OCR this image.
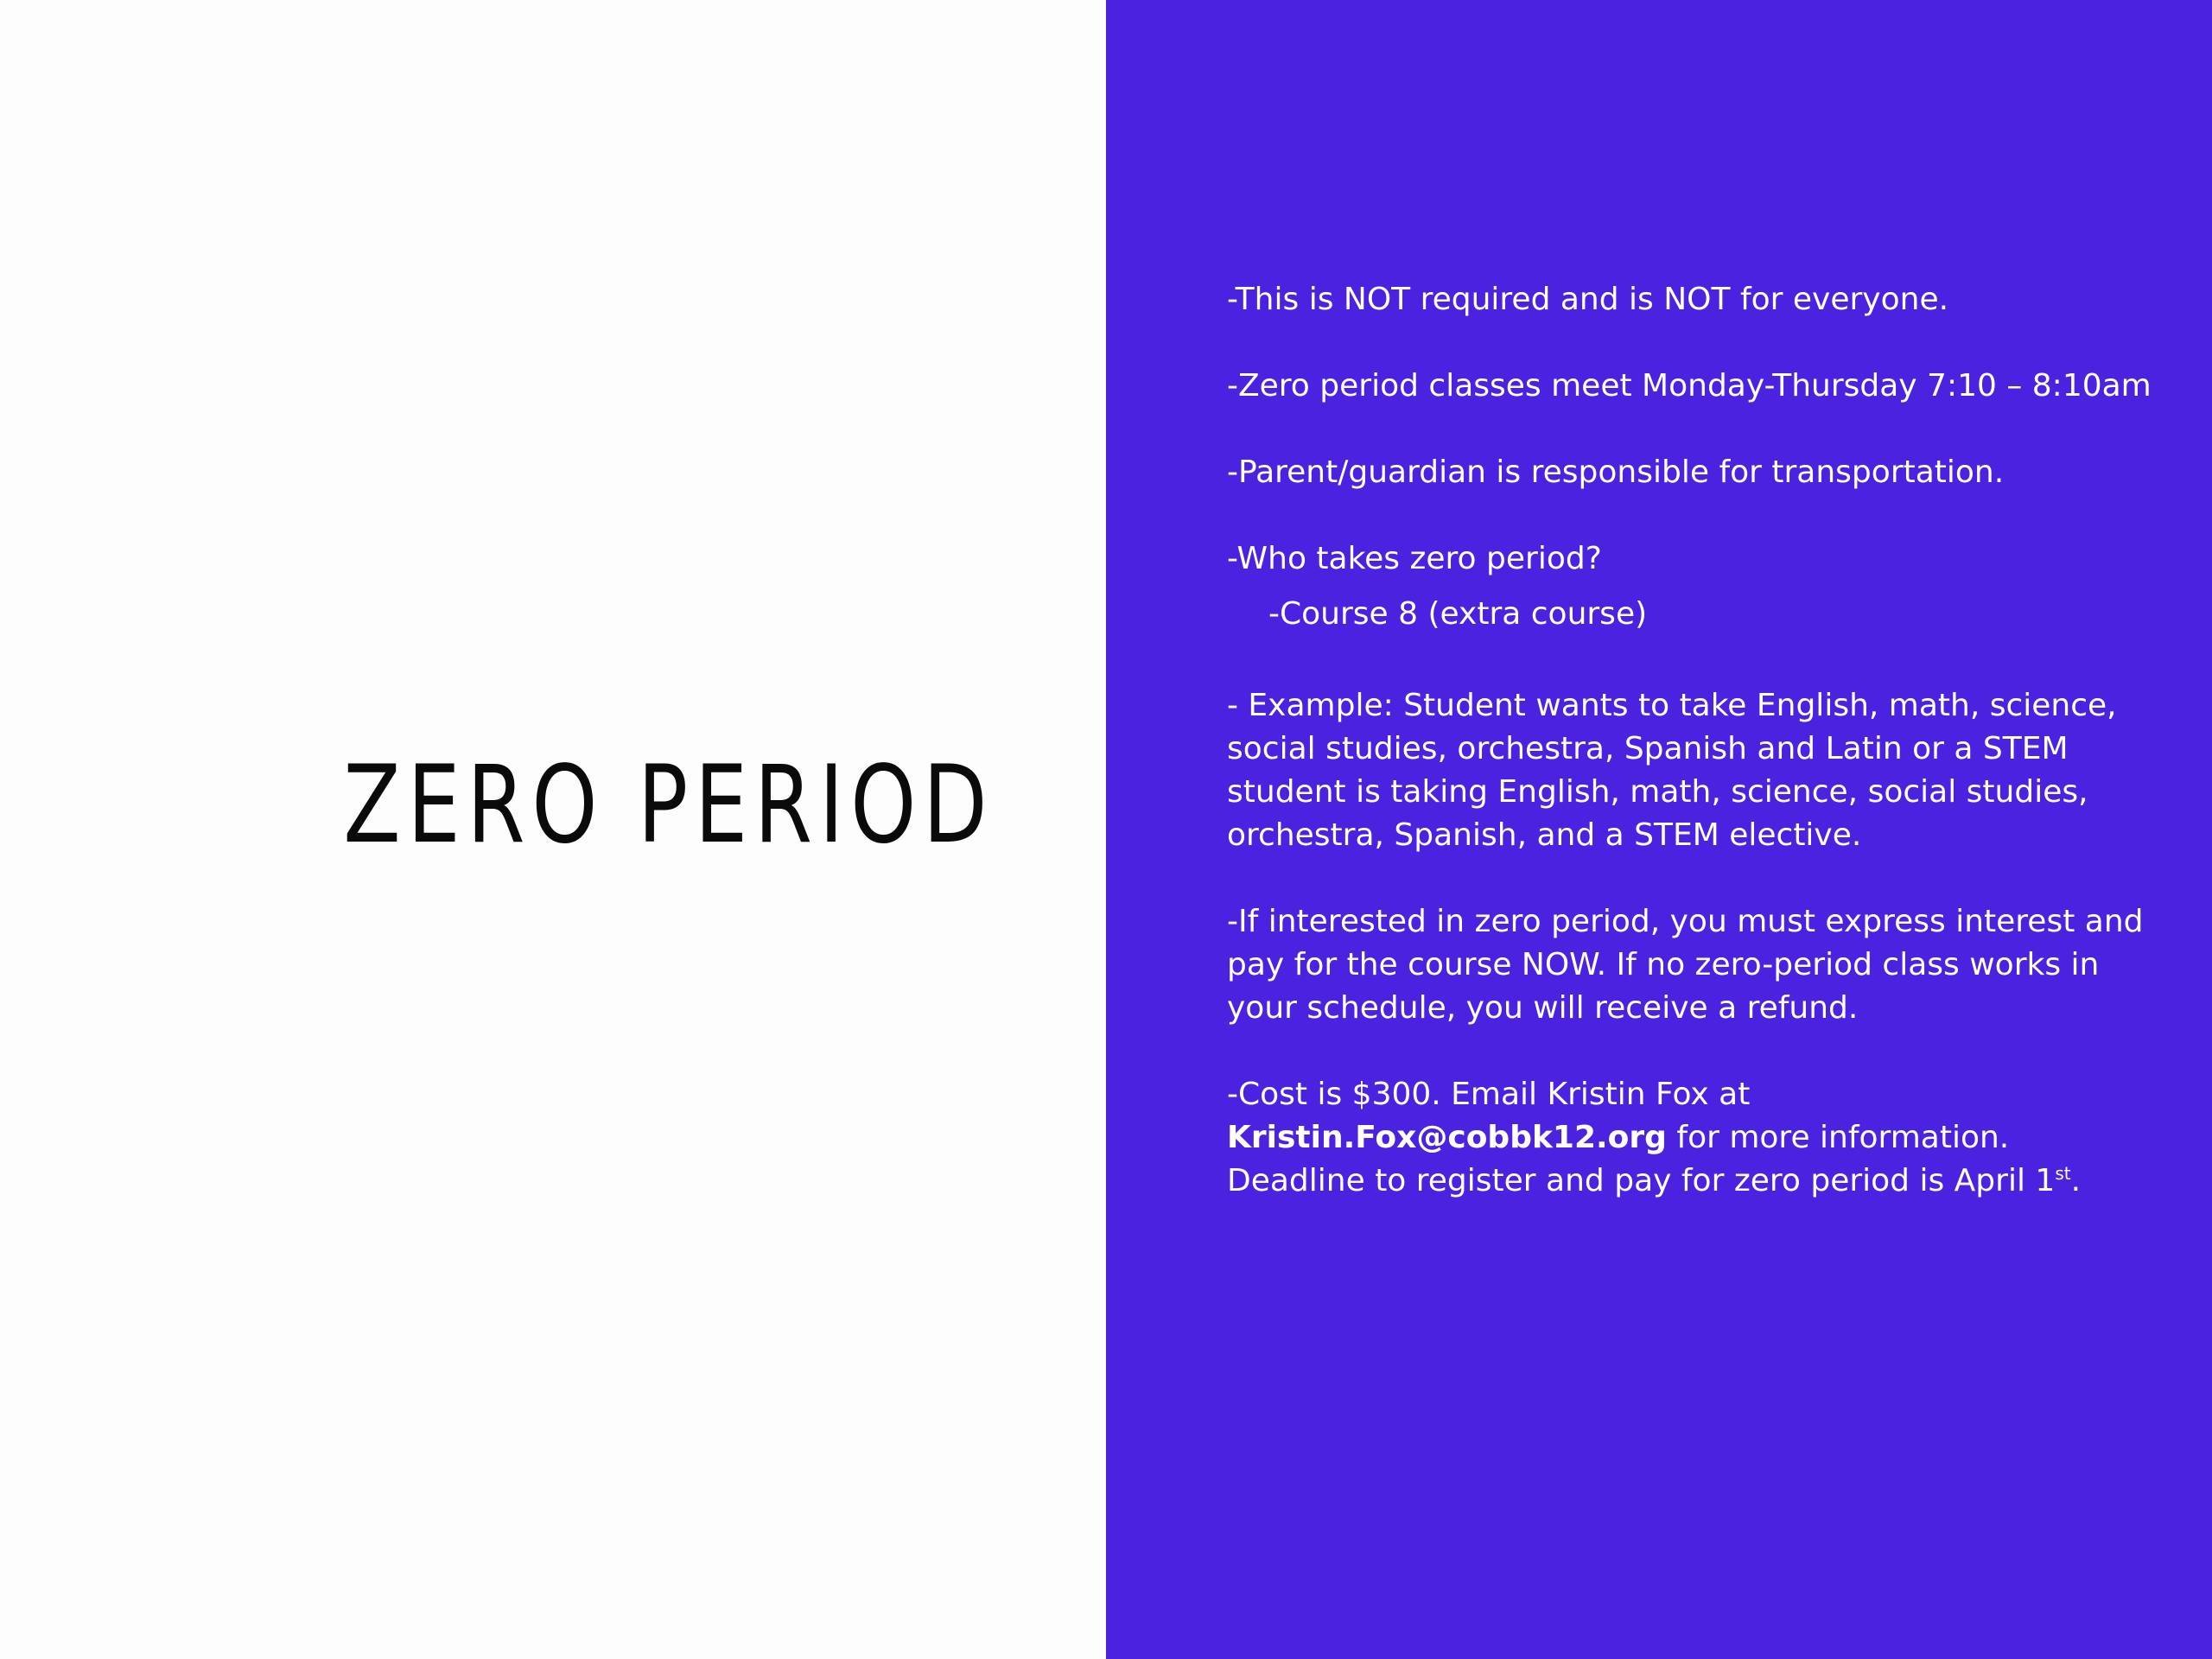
ZERO PERIOD

-This is NOT required and is NOT for everyone.

-Zero period classes meet Monday-Thursday 7:10 – 8:10am

-Parent/guardian is responsible for transportation.

-Who takes zero period?

-Course 8 (extra course)

- Example: Student wants to take English, math, science, social studies, orchestra, Spanish and Latin or a STEM student is taking English, math, science, social studies, orchestra, Spanish, and a STEM elective.

-If interested in zero period, you must express interest and pay for the course NOW. If no zero-period class works in your schedule, you will receive a refund.

-Cost is $300. Email Kristin Fox at Kristin.Fox@cobbk12.org for more information. Deadline to register and pay for zero period is April 1st.
